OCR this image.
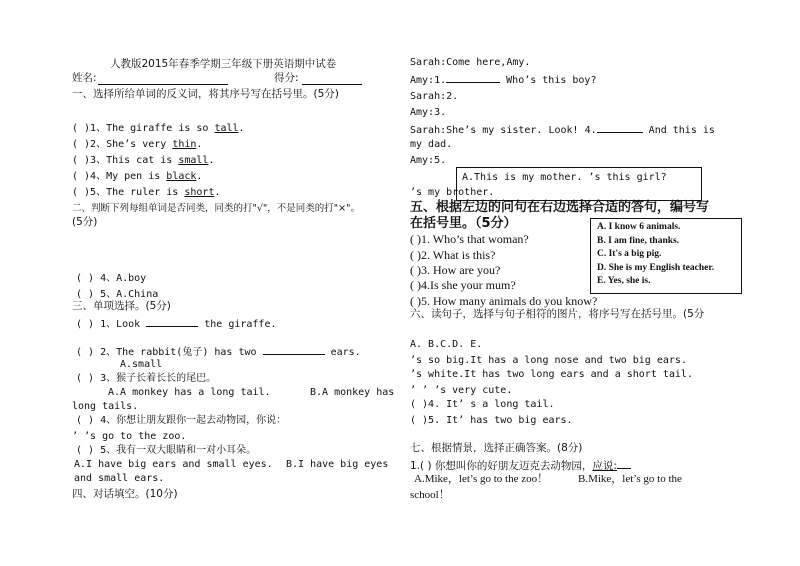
人教版2015年春季学期三年级下册英语期中试卷
姓名:	得分:
一、选择所给单词的反义词，将其序号写在括号里。(5分)
( )1、The giraffe is so tall.
( )2、She’s very thin.
( )3、This cat is small.
( )4、My pen is black.
( )5、The ruler is short.
二、判断下列每组单词是否同类，同类的打"√"，不是同类的打"×"。
(5分)
( ) 4、A.boy
( ) 5、A.China
三、单项选择。(5分)
( ) 1、Look	the giraffe.
( ) 2、The rabbit(兔子) has two	ears.
A.small
( ) 3、猴子长着长长的尾巴。
A.A monkey has a long tail.	B.A monkey has
long tails.
( ) 4、你想让朋友跟你一起去动物园，你说：
’ ’s go to the zoo.
( ) 5、我有一双大眼睛和一对小耳朵。
A.I have big ears and small eyes. B.I have big eyes
and small ears.
四、对话填空。(10分)
Sarah:Come here,Amy.
Amy:1.	Who’s this boy?
Sarah:2.
Amy:3.
Sarah:She’s my sister. Look! 4.	And this is
my dad.
Amy:5.
A.This is my mother. ’s this girl?
’s my brother.
五、根据左边的问句在右边选择合适的答句，编号写
在括号里。（5分）
( )1. Who’s that woman?
( )2. What is this?
( )3. How are you?
( )4.Is she your mum?
( )5. How many animals do you know?
A. I know 6 animals.
B. I am fine, thanks.
C. It's a big pig.
D. She is my English teacher.
E. Yes, she is.
六、读句子，选择与句子相符的图片，将序号写在括号里。(5分
A. B.C.D. E.
’s so big.It has a long nose and two big ears.
’s white.It has two long ears and a short tail.
’ ’ ’s very cute.
( )4. It’ s a long tail.
( )5. It’ has two big ears.
七、根据情景，选择正确答案。(8分)
1.( ) 你想叫你的好朋友迈克去动物园，应说:
A.Mike，let’s go to the zoo！	B.Mike，let’s go to the
school！
